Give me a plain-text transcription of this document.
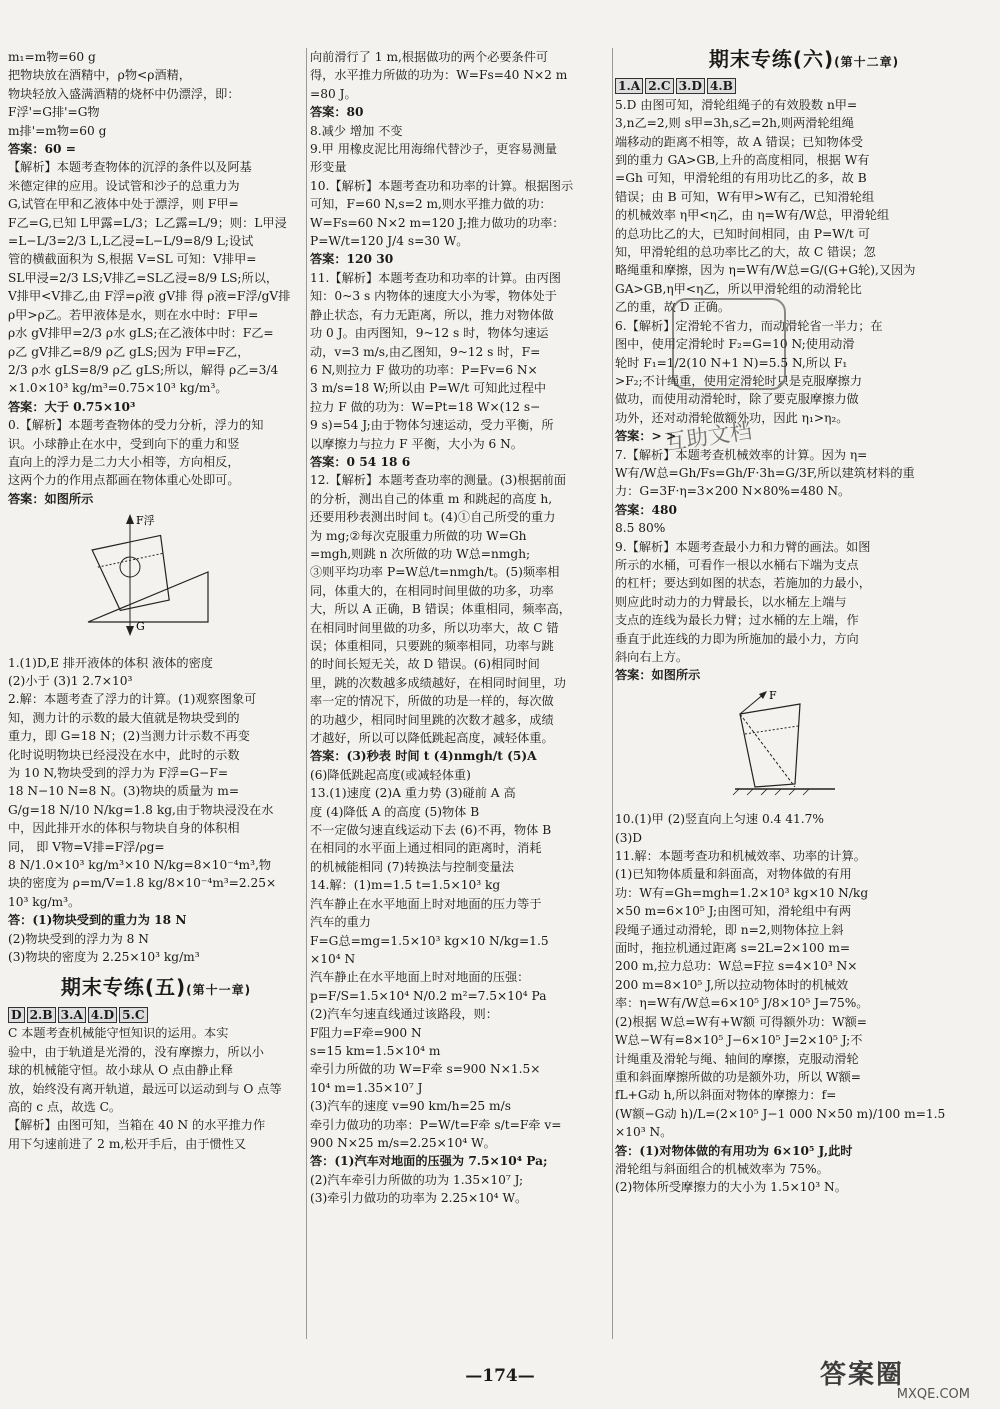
m₁=m物=60 g
把物块放在酒精中，ρ物<ρ酒精，
物块轻放入盛满酒精的烧杯中仍漂浮，即：
F浮'=G排'=G物
m排'=m物=60 g
答案：60 =
【解析】本题考查物体的沉浮的条件以及阿基
米德定律的应用。设试管和沙子的总重力为
G,试管在甲和乙液体中处于漂浮，则 F甲=
F乙=G,已知 L甲露=L/3；L乙露=L/9；则：L甲浸
=L−L/3=2/3 L,L乙浸=L−L/9=8/9 L;设试
管的横截面积为 S,根据 V=SL 可知：V排甲=
SL甲浸=2/3 LS;V排乙=SL乙浸=8/9 LS;所以，
V排甲<V排乙,由 F浮=ρ液 gV排 得 ρ液=F浮/gV排
ρ甲>ρ乙。若甲液体是水，则在水中时：F甲=
ρ水 gV排甲=2/3 ρ水 gLS;在乙液体中时：F乙=
ρ乙 gV排乙=8/9 ρ乙 gLS;因为 F甲=F乙，
2/3 ρ水 gLS=8/9 ρ乙 gLS;所以，解得 ρ乙=3/4
×1.0×10³ kg/m³=0.75×10³ kg/m³。
答案：大于 0.75×10³
0.【解析】本题考查物体的受力分析，浮力的知
识。小球静止在水中，受到向下的重力和竖
直向上的浮力是二力大小相等，方向相反，
这两个力的作用点都画在物体重心处即可。
答案：如图所示
F浮
G
1.(1)D,E 排开液体的体积 液体的密度
(2)小于 (3)1 2.7×10³
2.解：本题考查了浮力的计算。(1)观察图象可
知，测力计的示数的最大值就是物块受到的
重力，即 G=18 N；(2)当测力计示数不再变
化时说明物块已经浸没在水中，此时的示数
为 10 N,物块受到的浮力为 F浮=G−F=
18 N−10 N=8 N。(3)物块的质量为 m=
G/g=18 N/10 N/kg=1.8 kg,由于物块浸没在水
中，因此排开水的体积与物块自身的体积相
同， 即 V物=V排=F浮/ρg=
8 N/1.0×10³ kg/m³×10 N/kg=8×10⁻⁴m³,物
块的密度为 ρ=m/V=1.8 kg/8×10⁻⁴m³=2.25×
10³ kg/m³。
答：(1)物块受到的重力为 18 N
(2)物块受到的浮力为 8 N
(3)物块的密度为 2.25×10³ kg/m³
期末专练(五)(第十一章)
D 2.B 3.A 4.D 5.C
C 本题考查机械能守恒知识的运用。本实
验中，由于轨道是光滑的，没有摩擦力，所以小
球的机械能守恒。故小球从 O 点由静止释
放，始终没有离开轨道，最远可以运动到与 O 点等
高的 c 点，故选 C。
【解析】由图可知，当箱在 40 N 的水平推力作
用下匀速前进了 2 m,松开手后，由于惯性又
向前滑行了 1 m,根据做功的两个必要条件可
得，水平推力所做的功为：W=Fs=40 N×2 m
=80 J。
答案：80
8.减少 增加 不变
9.甲 用橡皮泥比用海绵代替沙子，更容易测量
形变量
10.【解析】本题考查功和功率的计算。根据图示
可知，F=60 N,s=2 m,则水平推力做的功：
W=Fs=60 N×2 m=120 J;推力做功的功率：
P=W/t=120 J/4 s=30 W。
答案：120 30
11.【解析】本题考查功和功率的计算。由丙图
知：0~3 s 内物体的速度大小为零，物体处于
静止状态，有力无距离，所以，推力对物体做
功 0 J。由丙图知，9~12 s 时，物体匀速运
动，v=3 m/s,由乙图知，9~12 s 时，F=
6 N,则拉力 F 做功的功率：P=Fv=6 N×
3 m/s=18 W;所以由 P=W/t 可知此过程中
拉力 F 做的功为：W=Pt=18 W×(12 s−
9 s)=54 J;由于物体匀速运动，受力平衡，所
以摩擦力与拉力 F 平衡，大小为 6 N。
答案：0 54 18 6
12.【解析】本题考查功率的测量。(3)根据前面
的分析，测出自己的体重 m 和跳起的高度 h,
还要用秒表测出时间 t。(4)①自己所受的重力
为 mg;②每次克服重力所做的功 W=Gh
=mgh,则跳 n 次所做的功 W总=nmgh;
③则平均功率 P=W总/t=nmgh/t。(5)频率相
同，体重大的，在相同时间里做的功多，功率
大，所以 A 正确，B 错误；体重相同，频率高，
在相同时间里做的功多，所以功率大，故 C 错
误；体重相同，只要跳的频率相同，功率与跳
的时间长短无关，故 D 错误。(6)相同时间
里，跳的次数越多成绩越好，在相同时间里，功
率一定的情况下，所做的功是一样的，每次做
的功越少，相同时间里跳的次数才越多，成绩
才越好，所以可以降低跳起高度，减轻体重。
答案：(3)秒表 时间 t (4)nmgh/t (5)A
(6)降低跳起高度(或减轻体重)
13.(1)速度 (2)A 重力势 (3)碰前 A 高
度 (4)降低 A 的高度 (5)物体 B
不一定做匀速直线运动下去 (6)不再，物体 B
在相同的水平面上通过相同的距离时，消耗
的机械能相同 (7)转换法与控制变量法
14.解：(1)m=1.5 t=1.5×10³ kg
汽车静止在水平地面上时对地面的压力等于
汽车的重力
F=G总=mg=1.5×10³ kg×10 N/kg=1.5
×10⁴ N
汽车静止在水平地面上时对地面的压强：
p=F/S=1.5×10⁴ N/0.2 m²=7.5×10⁴ Pa
(2)汽车匀速直线通过该路段，则：
F阻力=F牵=900 N
s=15 km=1.5×10⁴ m
牵引力所做的功 W=F牵 s=900 N×1.5×
10⁴ m=1.35×10⁷ J
(3)汽车的速度 v=90 km/h=25 m/s
牵引力做功的功率：P=W/t=F牵 s/t=F牵 v=
900 N×25 m/s=2.25×10⁴ W。
答：(1)汽车对地面的压强为 7.5×10⁴ Pa;
(2)汽车牵引力所做的功为 1.35×10⁷ J;
(3)牵引力做功的功率为 2.25×10⁴ W。
期末专练(六)(第十二章)
1.A 2.C 3.D 4.B
5.D 由图可知，滑轮组绳子的有效股数 n甲=
3,n乙=2,则 s甲=3h,s乙=2h,则两滑轮组绳
端移动的距离不相等，故 A 错误；已知物体受
到的重力 GA>GB,上升的高度相同，根据 W有
=Gh 可知，甲滑轮组的有用功比乙的多，故 B
错误；由 B 可知，W有甲>W有乙，已知滑轮组
的机械效率 η甲<η乙，由 η=W有/W总，甲滑轮组
的总功比乙的大，已知时间相同，由 P=W/t 可
知，甲滑轮组的总功率比乙的大，故 C 错误；忽
略绳重和摩擦，因为 η=W有/W总=G/(G+G轮),又因为
GA>GB,η甲<η乙，所以甲滑轮组的动滑轮比
乙的重，故 D 正确。
6.【解析】定滑轮不省力，而动滑轮省一半力；在
图中，使用定滑轮时 F₂=G=10 N;使用动滑
轮时 F₁=1/2(10 N+1 N)=5.5 N,所以 F₁
>F₂;不计绳重，使用定滑轮时只是克服摩擦力
做功，而使用动滑轮时，除了要克服摩擦力做
功外，还对动滑轮做额外功，因此 η₁>η₂。
答案：> >
7.【解析】本题考查机械效率的计算。因为 η=
W有/W总=Gh/Fs=Gh/F·3h=G/3F,所以建筑材料的重
力：G=3F·η=3×200 N×80%=480 N。
答案：480
8.5 80%
9.【解析】本题考查最小力和力臂的画法。如图
所示的水桶，可看作一根以水桶右下端为支点
的杠杆；要达到如图的状态，若施加的力最小，
则应此时动力的力臂最长，以水桶左上端与
支点的连线为最长力臂；过水桶的左上端，作
垂直于此连线的力即为所施加的最小力，方向
斜向右上方。
答案：如图所示
F
10.(1)甲 (2)竖直向上匀速 0.4 41.7%
(3)D
11.解：本题考查功和机械效率、功率的计算。
(1)已知物体质量和斜面高，对物体做的有用
功：W有=Gh=mgh=1.2×10³ kg×10 N/kg
×50 m=6×10⁵ J;由图可知，滑轮组中有两
段绳子通过动滑轮，即 n=2,则物体拉上斜
面时，拖拉机通过距离 s=2L=2×100 m=
200 m,拉力总功：W总=F拉 s=4×10³ N×
200 m=8×10⁵ J,所以拉动物体时的机械效
率：η=W有/W总=6×10⁵ J/8×10⁵ J=75%。
(2)根据 W总=W有+W额 可得额外功：W额=
W总−W有=8×10⁵ J−6×10⁵ J=2×10⁵ J;不
计绳重及滑轮与绳、轴间的摩擦，克服动滑轮
重和斜面摩擦所做的功是额外功，所以 W额=
fL+G动 h,所以斜面对物体的摩擦力：f=
(W额−G动 h)/L=(2×10⁵ J−1 000 N×50 m)/100 m=1.5
×10³ N。
答：(1)对物体做的有用功为 6×10⁵ J,此时
滑轮组与斜面组合的机械效率为 75%。
(2)物体所受摩擦力的大小为 1.5×10³ N。
互助文档
—174—	答案圈
MXQE.COM
